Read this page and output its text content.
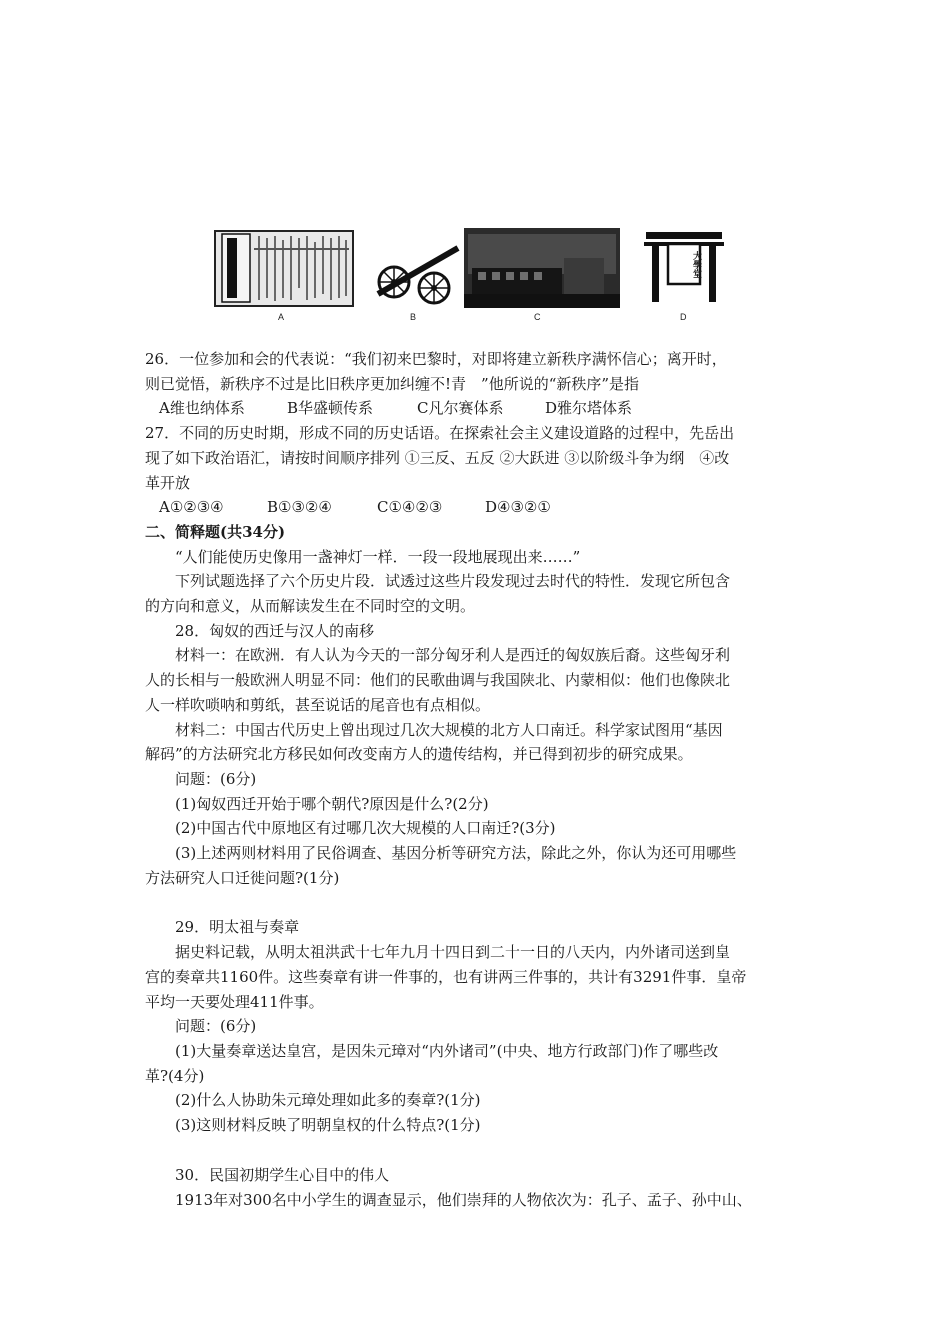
A	B	C
大學堂
D
26．一位参加和会的代表说：“我们初来巴黎时，对即将建立新秩序满怀信心；离开时，
则已觉悟，新秩序不过是比旧秩序更加纠缠不!青　”他所说的“新秩序”是指
A维也纳体系	B华盛顿传系	C凡尔赛体系	D雅尔塔体系
27．不同的历史时期，形成不同的历史话语。在探索社会主义建设道路的过程中，先岳出
现了如下政治语汇，请按时间顺序排列 ①三反、五反 ②大跃进 ③以阶级斗争为纲　④改
革开放
A①②③④	B①③②④	C①④②③	D④③②①
二、简释题(共34分)
“人们能使历史像用一盏神灯一样．一段一段地展现出来……”
下列试题选择了六个历史片段．试透过这些片段发现过去时代的特性．发现它所包含
的方向和意义，从而解读发生在不同时空的文明。
28．匈奴的西迁与汉人的南移
材料一：在欧洲．有人认为今天的一部分匈牙利人是西迁的匈奴族后裔。这些匈牙利
人的长相与一般欧洲人明显不同：他们的民歌曲调与我国陕北、内蒙相似：他们也像陕北
人一样吹唢呐和剪纸，甚至说话的尾音也有点相似。
材料二：中国古代历史上曾出现过几次大规模的北方人口南迁。科学家试图用“基因
解码”的方法研究北方移民如何改变南方人的遗传结构，并已得到初步的研究成果。
问题：(6分)
(1)匈奴西迁开始于哪个朝代?原因是什么?(2分)
(2)中国古代中原地区有过哪几次大规模的人口南迁?(3分)
(3)上述两则材料用了民俗调查、基因分析等研究方法，除此之外，你认为还可用哪些
方法研究人口迁徙问题?(1分)
29．明太祖与奏章
据史料记载，从明太祖洪武十七年九月十四日到二十一日的八天内，内外诸司送到皇
宫的奏章共1160件。这些奏章有讲一件事的，也有讲两三件事的，共计有3291件事．皇帝
平均一天要处理411件事。
问题：(6分)
(1)大量奏章送达皇宫，是因朱元璋对“内外诸司”(中央、地方行政部门)作了哪些改
革?(4分)
(2)什么人协助朱元璋处理如此多的奏章?(1分)
(3)这则材料反映了明朝皇权的什么特点?(1分)
30．民国初期学生心目中的伟人
1913年对300名中小学生的调查显示，他们崇拜的人物依次为：孔子、孟子、孙中山、
